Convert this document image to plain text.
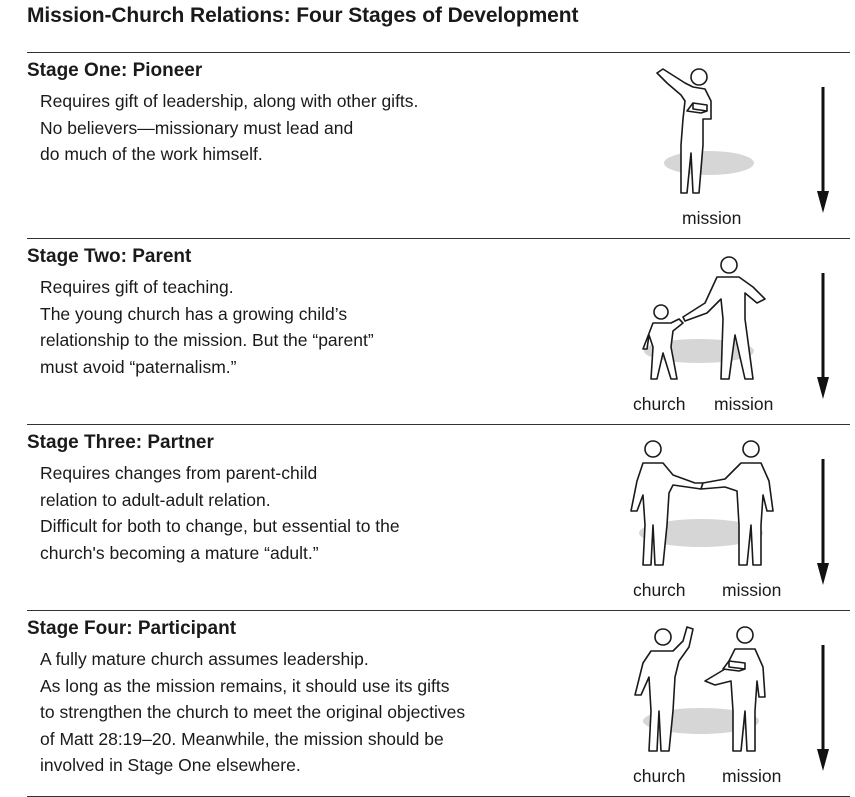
Mission-Church Relations: Four Stages of Development
Stage One: Pioneer
Requires gift of leadership, along with other gifts.
No believers—missionary must lead and
do much of the work himself.
mission
Stage Two: Parent
Requires gift of teaching.
The young church has a growing child’s
relationship to the mission. But the “parent”
must avoid “paternalism.”
church mission
Stage Three: Partner
Requires changes from parent-child
relation to adult-adult relation.
Difficult for both to change, but essential to the
church's becoming a mature “adult.”
church mission
Stage Four: Participant
A fully mature church assumes leadership.
As long as the mission remains, it should use its gifts
to strengthen the church to meet the original objectives
of Matt 28:19–20. Meanwhile, the mission should be
involved in Stage One elsewhere.
church mission
